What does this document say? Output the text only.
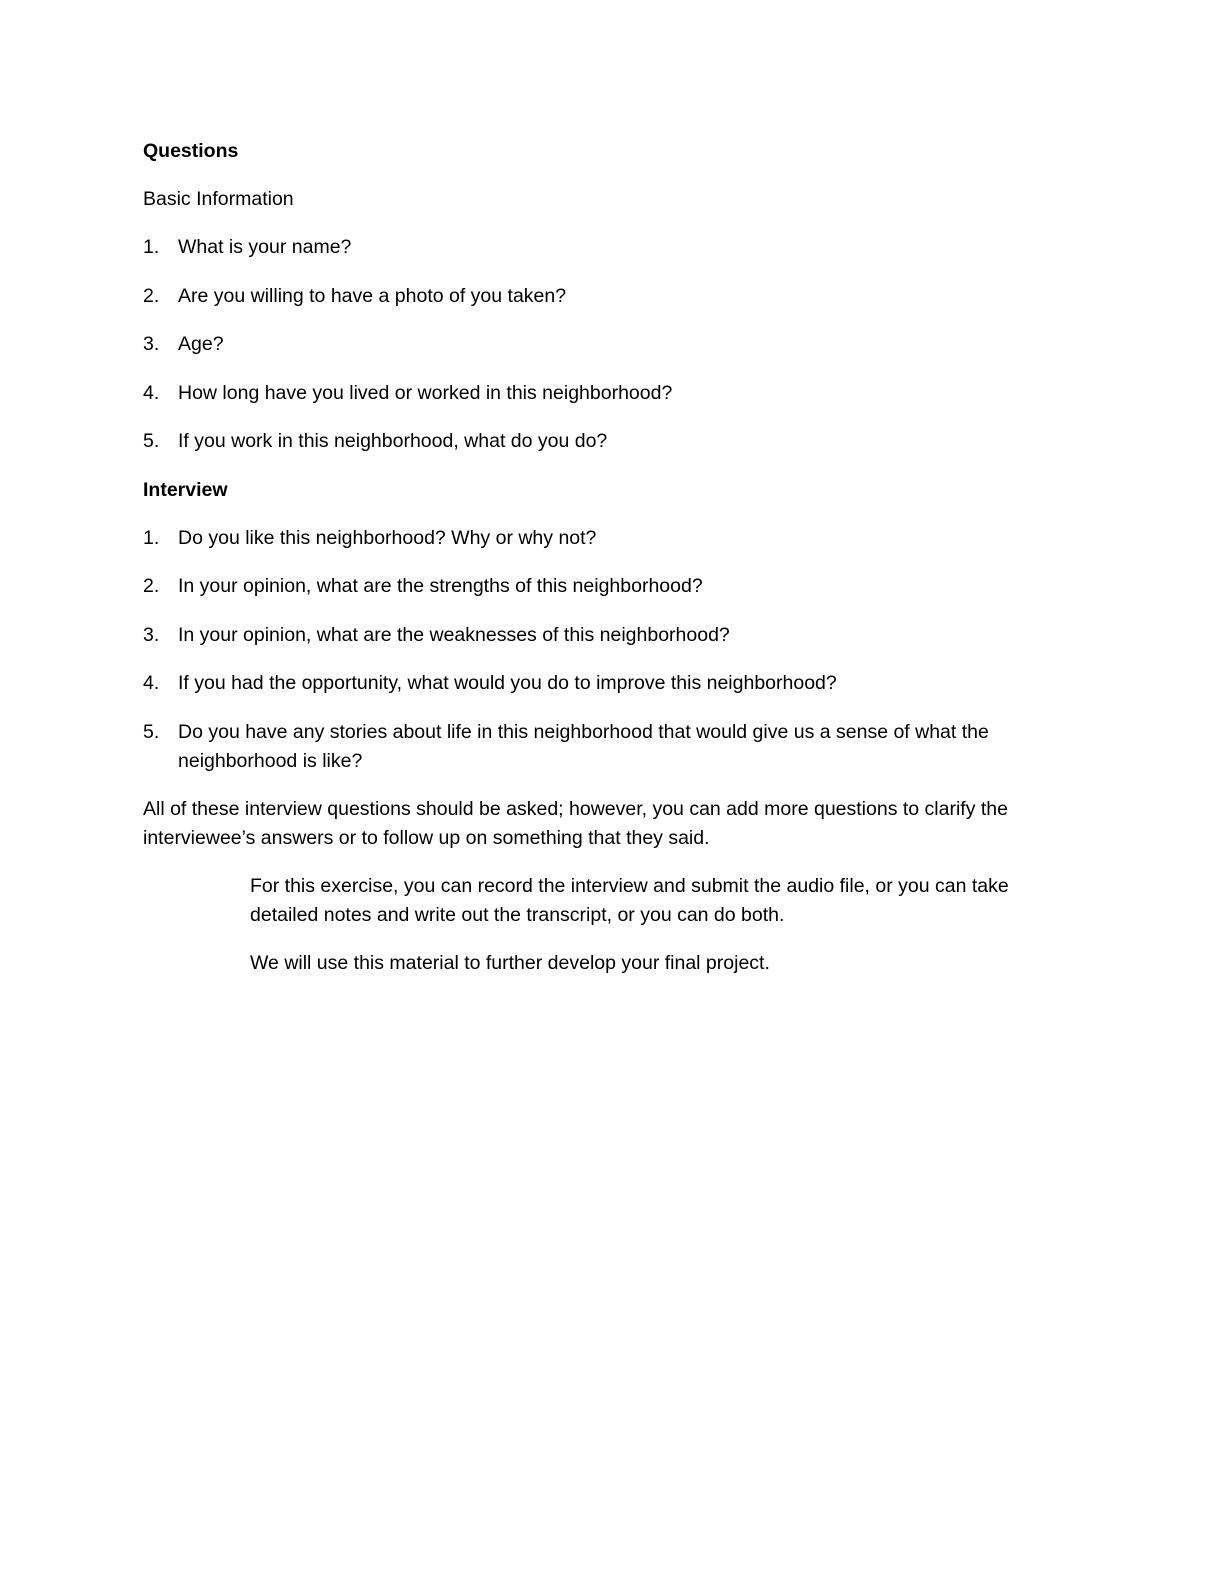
Questions

Basic Information

1. What is your name?
2. Are you willing to have a photo of you taken?
3. Age?
4. How long have you lived or worked in this neighborhood?
5. If you work in this neighborhood, what do you do?

Interview

1. Do you like this neighborhood? Why or why not?
2. In your opinion, what are the strengths of this neighborhood?
3. In your opinion, what are the weaknesses of this neighborhood?
4. If you had the opportunity, what would you do to improve this neighborhood?
5. Do you have any stories about life in this neighborhood that would give us a sense of what the neighborhood is like?

All of these interview questions should be asked; however, you can add more questions to clarify the interviewee’s answers or to follow up on something that they said.

For this exercise, you can record the interview and submit the audio file, or you can take detailed notes and write out the transcript, or you can do both.

We will use this material to further develop your final project.
